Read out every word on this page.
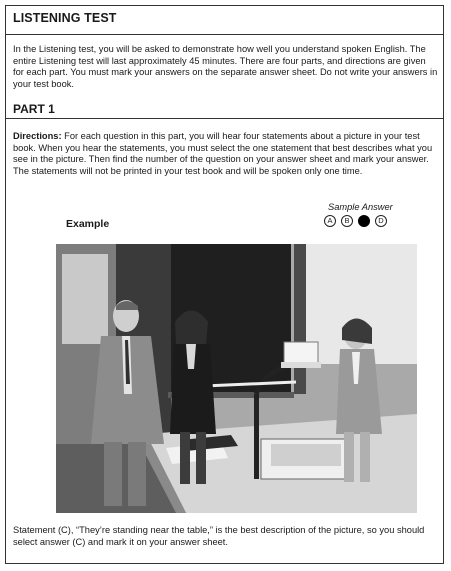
LISTENING TEST
In the Listening test, you will be asked to demonstrate how well you understand spoken English. The entire Listening test will last approximately 45 minutes. There are four parts, and directions are given for each part. You must mark your answers on the separate answer sheet. Do not write your answers in your test book.
PART 1
Directions: For each question in this part, you will hear four statements about a picture in your test book. When you hear the statements, you must select the one statement that best describes what you see in the picture. Then find the number of the question on your answer sheet and mark your answer. The statements will not be printed in your test book and will be spoken only one time.
Sample Answer
Example	A	B	D
Statement (C), “They’re standing near the table,” is the best description of the picture, so you should select answer (C) and mark it on your answer sheet.
